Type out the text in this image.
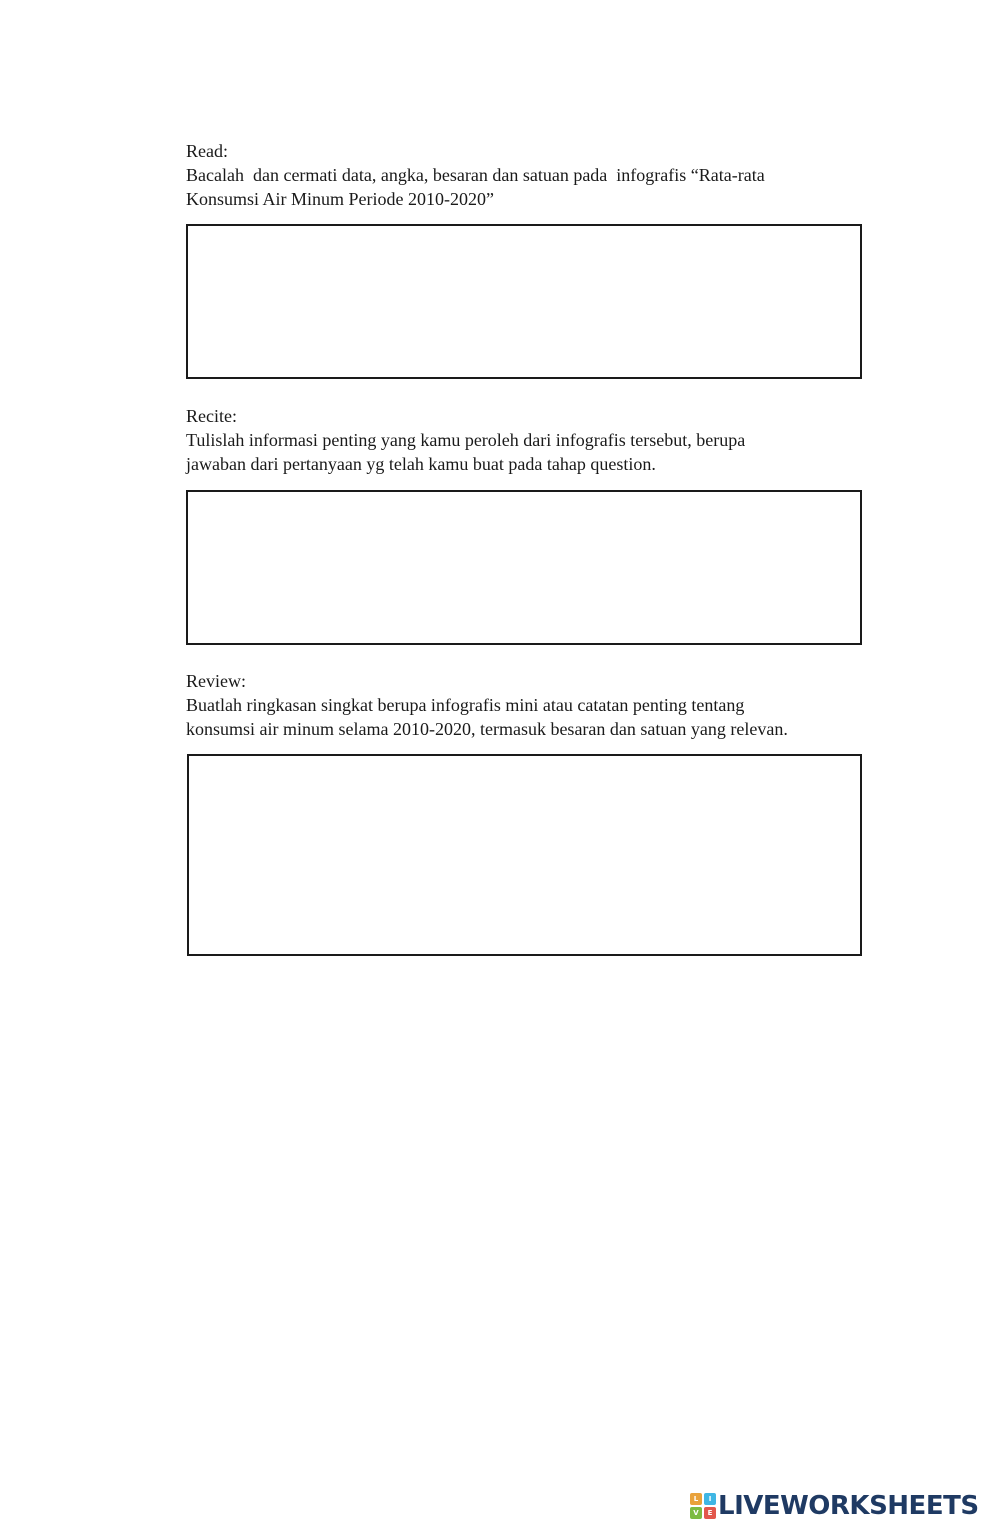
Read:

Bacalah  dan cermati data, angka, besaran dan satuan pada  infografis “Rata-rata

Konsumsi Air Minum Periode 2010-2020”

Recite:

Tulislah informasi penting yang kamu peroleh dari infografis tersebut, berupa

jawaban dari pertanyaan yg telah kamu buat pada tahap question.

Review:

Buatlah ringkasan singkat berupa infografis mini atau catatan penting tentang

konsumsi air minum selama 2010-2020, termasuk besaran dan satuan yang relevan.

L	I
V	E LIVEWORKSHEETS
